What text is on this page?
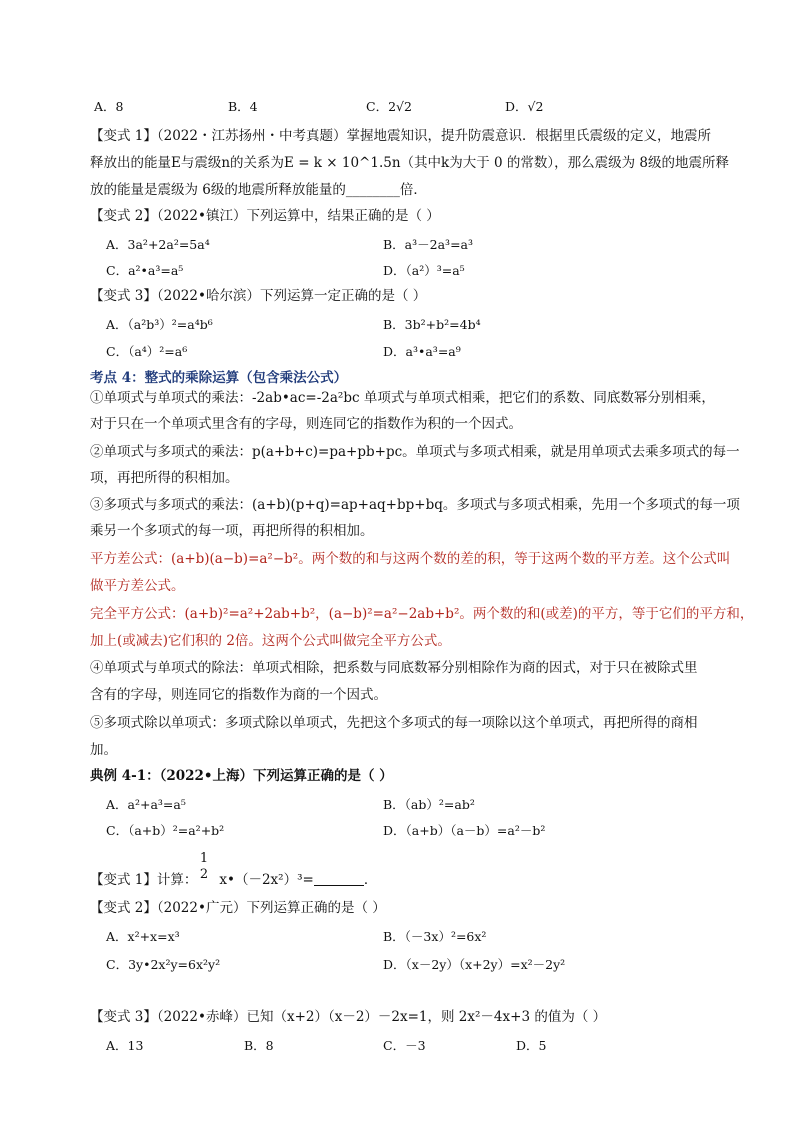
A．8	B．4	C．2√2	D．√2
【变式 1】（2022・江苏扬州・中考真题）掌握地震知识，提升防震意识．根据里氏震级的定义，地震所
释放出的能量E与震级n的关系为E = k × 10^1.5n（其中k为大于 0 的常数），那么震级为 8级的地震所释
放的能量是震级为 6级的地震所释放能量的________倍．
【变式 2】（2022•镇江）下列运算中，结果正确的是（ ）
A．3a²+2a²=5a⁴	B．a³－2a³=a³
C．a²•a³=a⁵	D．（a²）³=a⁵
【变式 3】（2022•哈尔滨）下列运算一定正确的是（ ）
A．（a²b³）²=a⁴b⁶	B．3b²+b²=4b⁴
C．（a⁴）²=a⁶	D．a³•a³=a⁹
考点 4：整式的乘除运算（包含乘法公式）
①单项式与单项式的乘法：-2ab•ac=-2a²bc 单项式与单项式相乘，把它们的系数、同底数幂分别相乘，
对于只在一个单项式里含有的字母，则连同它的指数作为积的一个因式。
②单项式与多项式的乘法：p(a+b+c)=pa+pb+pc。单项式与多项式相乘，就是用单项式去乘多项式的每一
项，再把所得的积相加。
③多项式与多项式的乘法：(a+b)(p+q)=ap+aq+bp+bq。多项式与多项式相乘，先用一个多项式的每一项
乘另一个多项式的每一项，再把所得的积相加。
平方差公式：(a+b)(a−b)=a²−b²。两个数的和与这两个数的差的积，等于这两个数的平方差。这个公式叫
做平方差公式。
完全平方公式：(a+b)²=a²+2ab+b²，(a−b)²=a²−2ab+b²。两个数的和(或差)的平方，等于它们的平方和，
加上(或减去)它们积的 2倍。这两个公式叫做完全平方公式。
④单项式与单项式的除法：单项式相除，把系数与同底数幂分别相除作为商的因式，对于只在被除式里
含有的字母，则连同它的指数作为商的一个因式。
⑤多项式除以单项式：多项式除以单项式，先把这个多项式的每一项除以这个单项式，再把所得的商相
加。
典例 4-1：（2022•上海）下列运算正确的是（ ）
A．a²+a³=a⁵	B．（ab）²=ab²
C．（a+b）²=a²+b²	D．（a+b）（a－b）=a²－b²
1
2
【变式 1】计算： x•（－2x²）³=	．
【变式 2】（2022•广元）下列运算正确的是（ ）
A．x²+x=x³	B．（－3x）²=6x²
C．3y•2x²y=6x²y²	D．（x－2y）（x+2y）=x²－2y²
【变式 3】（2022•赤峰）已知（x+2）（x－2）－2x=1，则 2x²－4x+3 的值为（ ）
A．13	B．8	C．－3	D．5
